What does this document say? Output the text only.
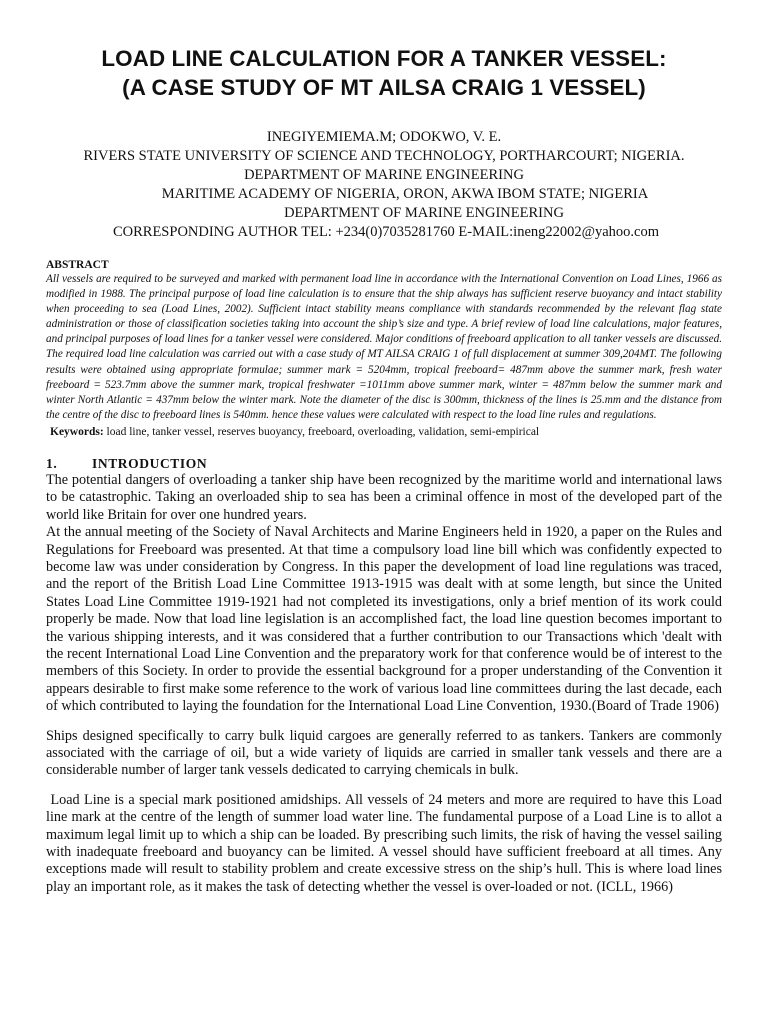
LOAD LINE CALCULATION FOR A TANKER VESSEL:
(A CASE STUDY OF MT AILSA CRAIG 1 VESSEL)
INEGIYEMIEMA.M; ODOKWO, V. E.
RIVERS STATE UNIVERSITY OF SCIENCE AND TECHNOLOGY, PORTHARCOURT; NIGERIA.
DEPARTMENT OF MARINE ENGINEERING
MARITIME ACADEMY OF NIGERIA, ORON, AKWA IBOM STATE; NIGERIA
DEPARTMENT OF MARINE ENGINEERING
CORRESPONDING AUTHOR TEL: +234(0)7035281760 E-MAIL:ineng22002@yahoo.com
ABSTRACT

All vessels are required to be surveyed and marked with permanent load line in accordance with the International Convention on Load Lines, 1966 as modified in 1988. The principal purpose of load line calculation is to ensure that the ship always has sufficient reserve buoyancy and intact stability when proceeding to sea (Load Lines, 2002). Sufficient intact stability means compliance with standards recommended by the relevant flag state administration or those of classification societies taking into account the ship’s size and type. A brief review of load line calculations, major features, and principal purposes of load lines for a tanker vessel were considered. Major conditions of freeboard application to all tanker vessels are discussed. The required load line calculation was carried out with a case study of MT AILSA CRAIG 1 of full displacement at summer 309,204MT. The following results were obtained using appropriate formulae; summer mark = 5204mm, tropical freeboard= 487mm above the summer mark, fresh water freeboard = 523.7mm above the summer mark, tropical freshwater =1011mm above summer mark, winter = 487mm below the summer mark and winter North Atlantic = 437mm below the winter mark. Note the diameter of the disc is 300mm, thickness of the lines is 25.mm and the distance from the centre of the disc to freeboard lines is 540mm. hence these values were calculated with respect to the load line rules and regulations.

Keywords: load line, tanker vessel, reserves buoyancy, freeboard, overloading, validation, semi-empirical
1.	INTRODUCTION

The potential dangers of overloading a tanker ship have been recognized by the maritime world and international laws to be catastrophic. Taking an overloaded ship to sea has been a criminal offence in most of the developed part of the world like Britain for over one hundred years.

At the annual meeting of the Society of Naval Architects and Marine Engineers held in 1920, a paper on the Rules and Regulations for Freeboard was presented. At that time a compulsory load line bill which was confidently expected to become law was under consideration by Congress. In this paper the development of load line regulations was traced, and the report of the British Load Line Committee 1913-1915 was dealt with at some length, but since the United States Load Line Committee 1919-1921 had not completed its investigations, only a brief mention of its work could properly be made. Now that load line legislation is an accomplished fact, the load line question becomes important to the various shipping interests, and it was considered that a further contribution to our Transactions which 'dealt with the recent International Load Line Convention and the preparatory work for that conference would be of interest to the members of this Society. In order to provide the essential background for a proper understanding of the Convention it appears desirable to first make some reference to the work of various load line committees during the last decade, each of which contributed to laying the foundation for the International Load Line Convention, 1930.(Board of Trade 1906)

Ships designed specifically to carry bulk liquid cargoes are generally referred to as tankers. Tankers are commonly associated with the carriage of oil, but a wide variety of liquids are carried in smaller tank vessels and there are a considerable number of larger tank vessels dedicated to carrying chemicals in bulk.

Load Line is a special mark positioned amidships. All vessels of 24 meters and more are required to have this Load line mark at the centre of the length of summer load water line. The fundamental purpose of a Load Line is to allot a maximum legal limit up to which a ship can be loaded. By prescribing such limits, the risk of having the vessel sailing with inadequate freeboard and buoyancy can be limited. A vessel should have sufficient freeboard at all times. Any exceptions made will result to stability problem and create excessive stress on the ship’s hull. This is where load lines play an important role, as it makes the task of detecting whether the vessel is over-loaded or not. (ICLL, 1966)
